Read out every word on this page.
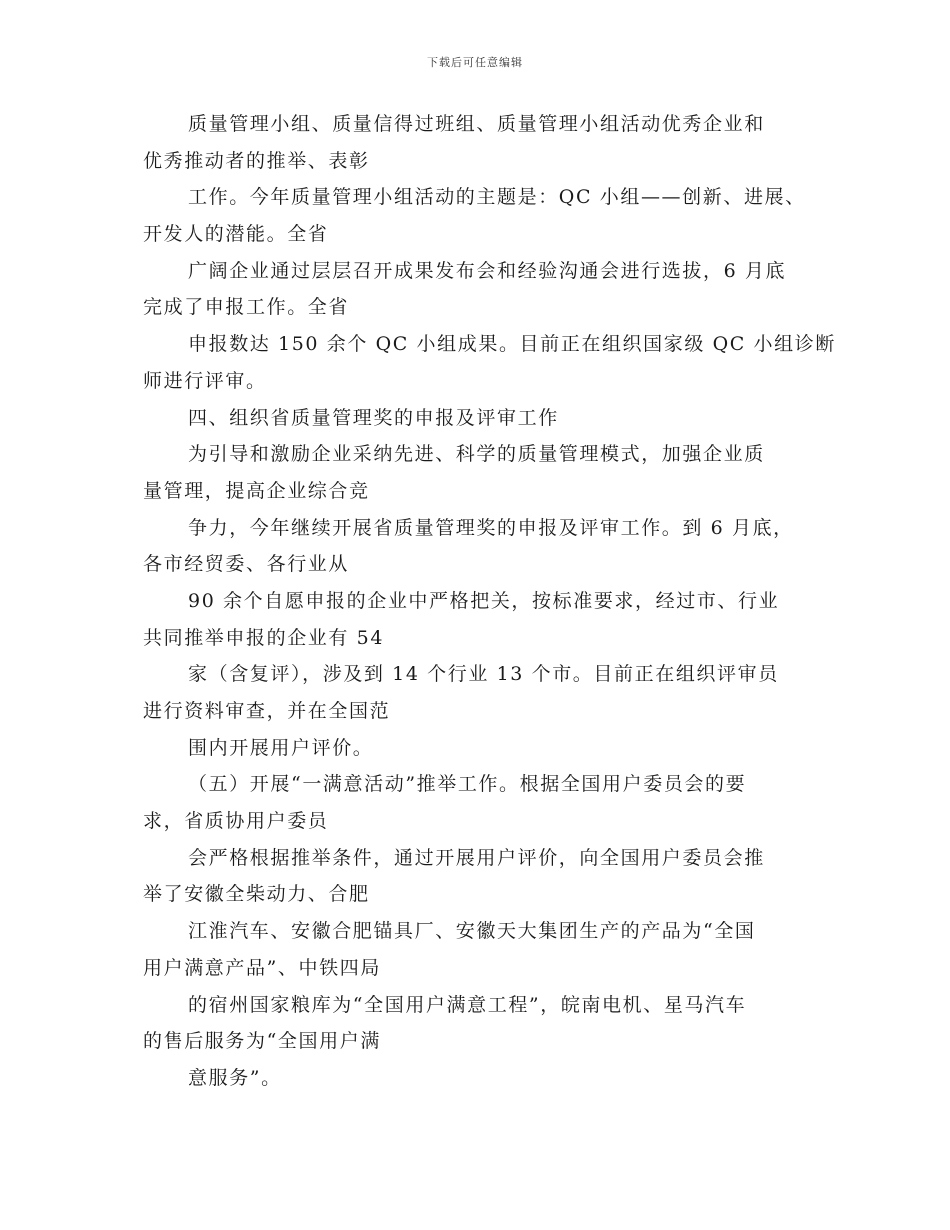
下载后可任意编辑
质量管理小组、质量信得过班组、质量管理小组活动优秀企业和
优秀推动者的推举、表彰
工作。今年质量管理小组活动的主题是：QC 小组——创新、进展、
开发人的潜能。全省
广阔企业通过层层召开成果发布会和经验沟通会进行选拔，6 月底
完成了申报工作。全省
申报数达 150 余个 QC 小组成果。目前正在组织国家级 QC 小组诊断
师进行评审。
四、组织省质量管理奖的申报及评审工作
为引导和激励企业采纳先进、科学的质量管理模式，加强企业质
量管理，提高企业综合竞
争力，今年继续开展省质量管理奖的申报及评审工作。到 6 月底，
各市经贸委、各行业从
90 余个自愿申报的企业中严格把关，按标准要求，经过市、行业
共同推举申报的企业有 54
家（含复评），涉及到 14 个行业 13 个市。目前正在组织评审员
进行资料审查，并在全国范
围内开展用户评价。
（五）开展“一满意活动”推举工作。根据全国用户委员会的要
求，省质协用户委员
会严格根据推举条件，通过开展用户评价，向全国用户委员会推
举了安徽全柴动力、合肥
江淮汽车、安徽合肥锚具厂、安徽天大集团生产的产品为“全国
用户满意产品”、中铁四局
的宿州国家粮库为“全国用户满意工程”，皖南电机、星马汽车
的售后服务为“全国用户满
意服务”。
